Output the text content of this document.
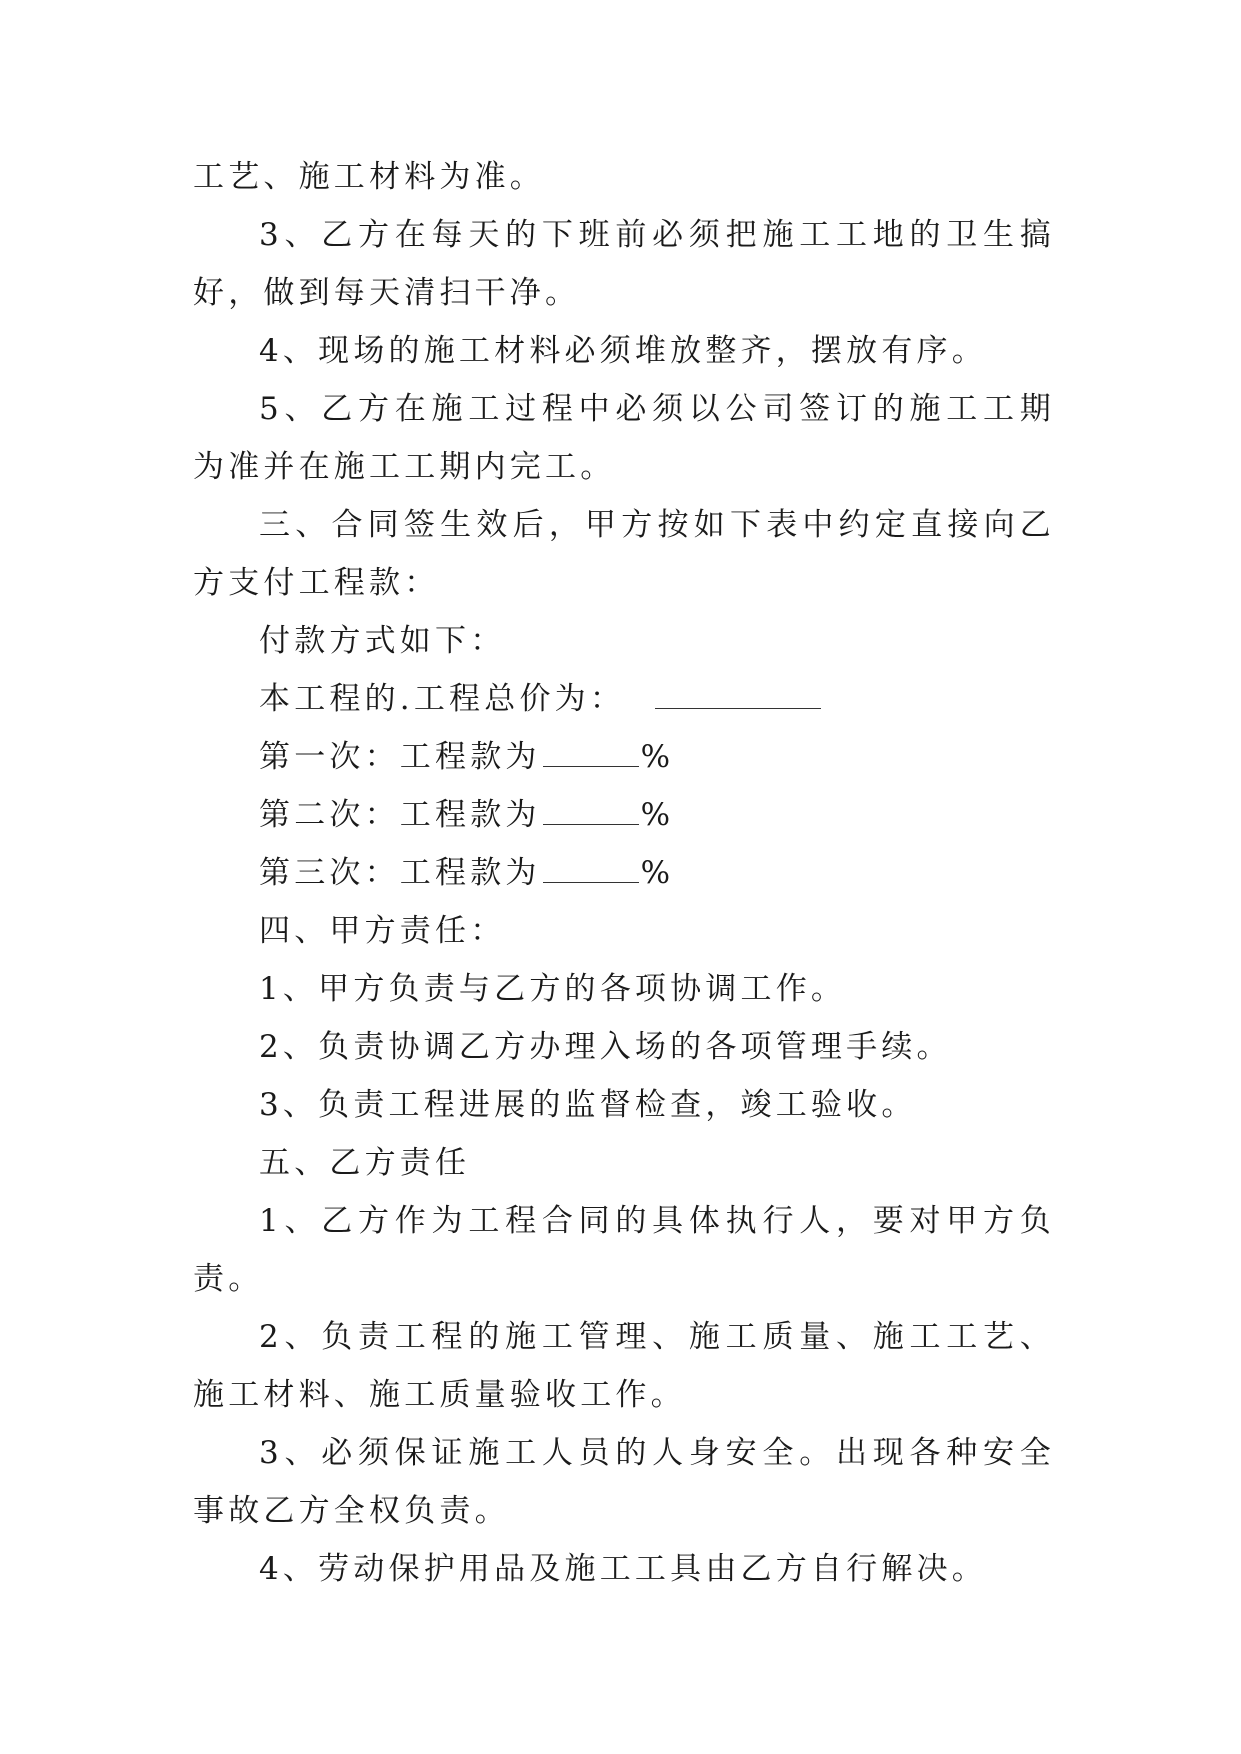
工艺、施工材料为准。

3、乙方在每天的下班前必须把施工工地的卫生搞好，做到每天清扫干净。

4、现场的施工材料必须堆放整齐，摆放有序。

5、乙方在施工过程中必须以公司签订的施工工期为准并在施工工期内完工。

三、合同签生效后，甲方按如下表中约定直接向乙方支付工程款：

付款方式如下：

本工程的.工程总价为：

第一次：工程款为	%

第二次：工程款为	%

第三次：工程款为	%

四、甲方责任：

1、甲方负责与乙方的各项协调工作。

2、负责协调乙方办理入场的各项管理手续。

3、负责工程进展的监督检查，竣工验收。

五、乙方责任

1、乙方作为工程合同的具体执行人，要对甲方负责。

2、负责工程的施工管理、施工质量、施工工艺、施工材料、施工质量验收工作。

3、必须保证施工人员的人身安全。出现各种安全事故乙方全权负责。

4、劳动保护用品及施工工具由乙方自行解决。
